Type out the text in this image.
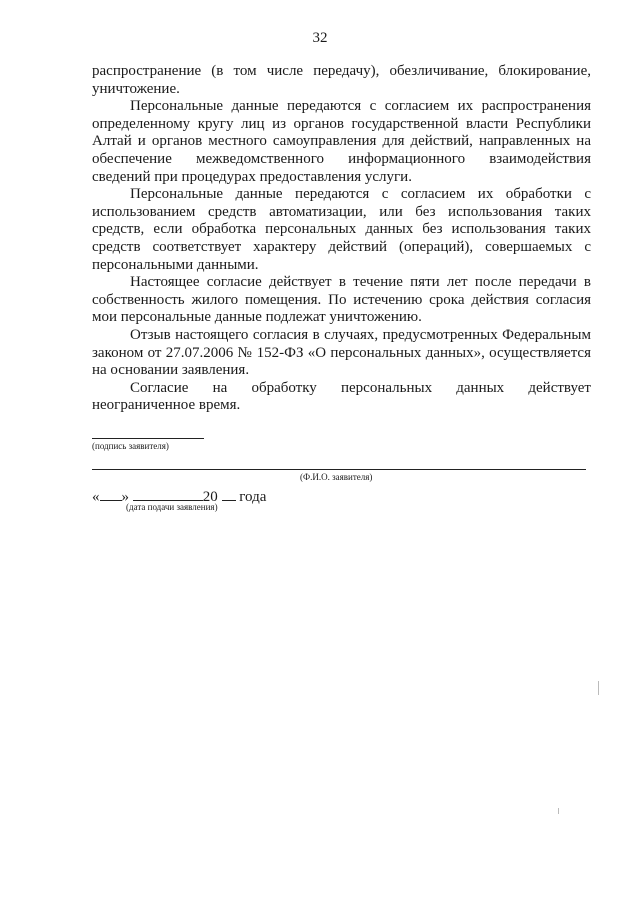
32

распространение (в том числе передачу), обезличивание, блокирование, уничтожение.

Персональные данные передаются с согласием их распространения определенному кругу лиц из органов государственной власти Республики Алтай и органов местного самоуправления для действий, направленных на обеспечение межведомственного информационного взаимодействия сведений при процедурах предоставления услуги.

Персональные данные передаются с согласием их обработки с использованием средств автоматизации, или без использования таких средств, если обработка персональных данных без использования таких средств соответствует характеру действий (операций), совершаемых с персональными данными.

Настоящее согласие действует в течение пяти лет после передачи в собственность жилого помещения. По истечению срока действия согласия мои персональные данные подлежат уничтожению.

Отзыв настоящего согласия в случаях, предусмотренных Федеральным законом от 27.07.2006 № 152-ФЗ «О персональных данных», осуществляется на основании заявления.

Согласие на обработку персональных данных действует неограниченное время.

(подпись заявителя)
(Ф.И.О. заявителя)
« »	20 года
(дата подачи заявления)
